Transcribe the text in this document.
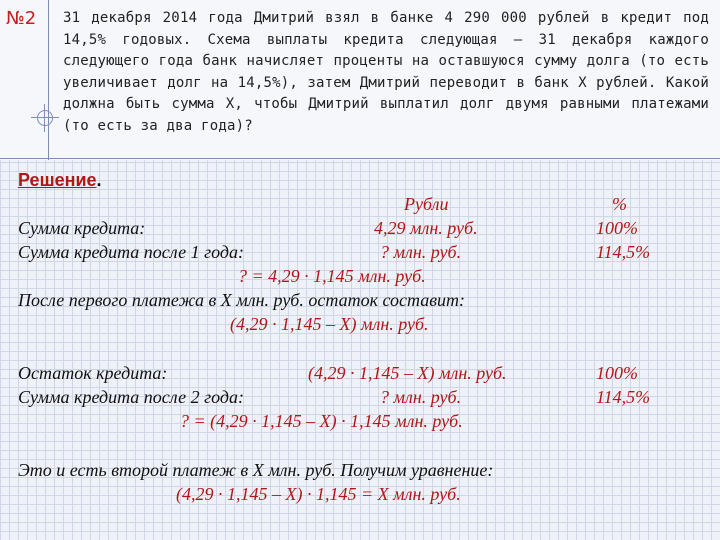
№2 31 декабря 2014 года Дмитрий взял в банке 4 290 000 рублей в кредит под 14,5% годовых. Схема выплаты кредита следующая – 31 декабря каждого следующего года банк начисляет проценты на оставшуюся сумму долга (то есть увеличивает долг на 14,5%), затем Дмитрий переводит в банк Х рублей. Какой должна быть сумма Х, чтобы Дмитрий выплатил долг двумя равными платежами (то есть за два года)?
Решение.
Рубли	%
Сумма кредита:	4,29 млн. руб.	100%
Сумма кредита после 1 года:	? млн. руб.	114,5%
? = 4,29 · 1,145 млн. руб.
После первого платежа в Х млн. руб. остаток составит:
(4,29 · 1,145 – Х) млн. руб.
Остаток кредита:	(4,29 · 1,145 – Х) млн. руб.	100%
Сумма кредита после 2 года:	? млн. руб.	114,5%
? = (4,29 · 1,145 – Х) · 1,145 млн. руб.
Это и есть второй платеж в Х млн. руб. Получим уравнение:
(4,29 · 1,145 – Х) · 1,145 = Х млн. руб.
